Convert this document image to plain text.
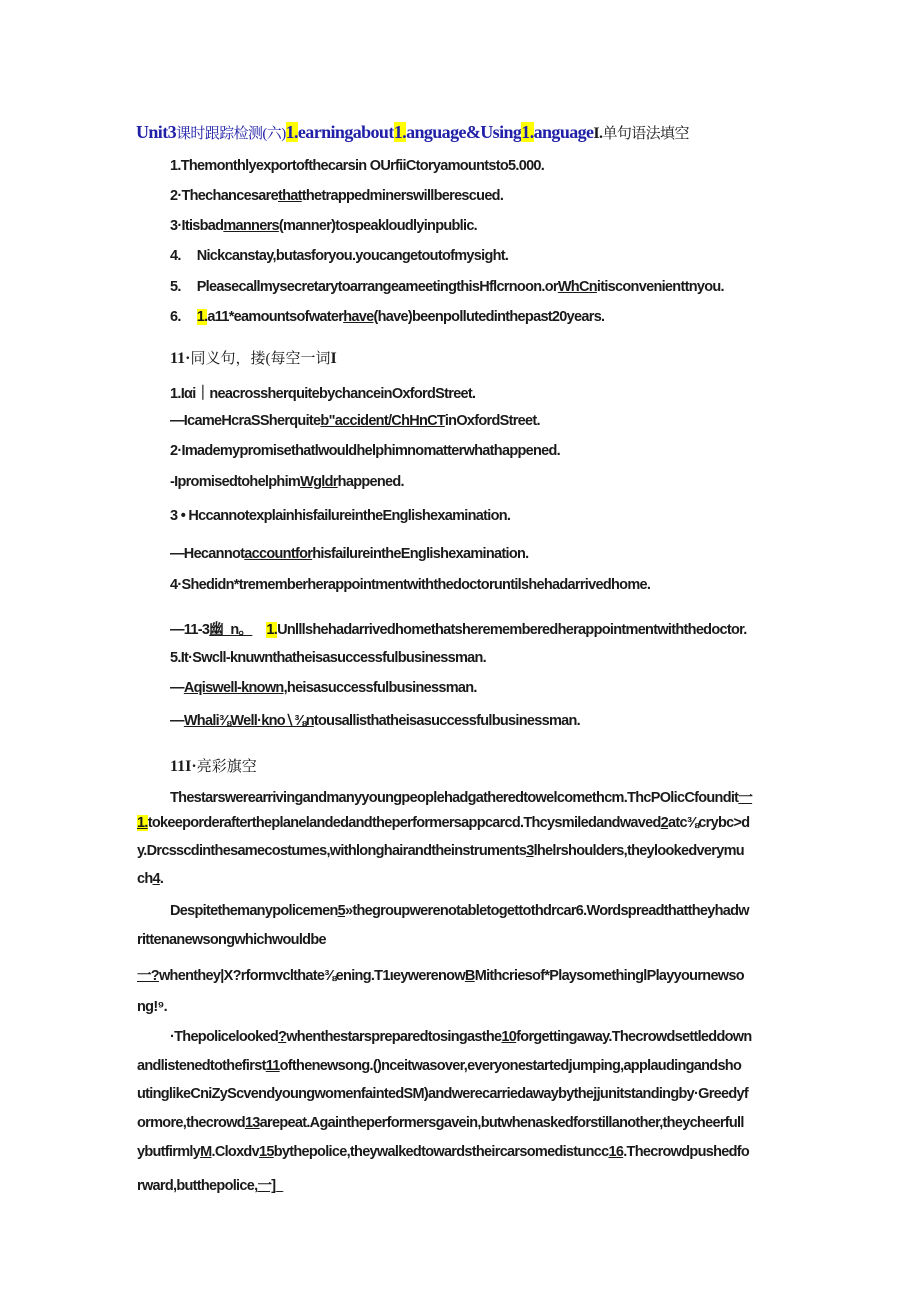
Unit3课时跟踪检测(六)1.earningabout1.anguage&Using1.anguageI.单句语法填空
1.Themonthlyexportofthecarsin OUrfiiCtoryamountsto5.000.
2·Thechancesarethatthetrappedminerswillberescued.
3·Itisbadmanners(manner)tospeakloudlyinpublic.
4. Nickcanstay,butasforyou.youcangetoutofmysight.
5. PleasecallmysecretarytoarrangeameetingthisHflcrnoon.orWhCnitisconvenienttnyou.
6. 1.a11*eamountsofwaterhave(have)beenpollutedinthepast20years.
11·同义句，搂(每空一词I
1.Iαi｜neacrossherquitebychanceinOxfordStreet.
—IcameHcraSSherquiteb"accident/ChHnCTinOxfordStreet.
2·Imademypromisethatlwouldhelphimnomatterwhathappened.
-IpromisedtohelphimWgldrhappened.
3 • HccannotexplainhisfailureintheEnglishexamination.
—HecannotaccountforhisfailureintheEnglishexamination.
4·Shedidn*trememberherappointmentwiththedoctoruntilshehadarrivedhome.
—11-3幽_n。 1.Unlllshehadarrivedhomethatsherememberedherappointmentwiththedoctor.
5.It·Swcll-knuwnthatheisasuccessfulbusinessman.
—Aqiswell-known,heisasuccessfulbusinessman.
—Whali⅜Well·kno∖⅜ntousallisthatheisasuccessfulbusinessman.
11I·亮彩旗空
Thestarswerearrivingandmanyyoungpeoplehadgatheredtowelcomethcm.ThcPOlicCfoundit一
1.tokeeporderaftertheplanelandedandtheperformersappcarcd.Thcysmiledandwaved2atc⅜crybc>d
y.Drcsscdinthesamecostumes,withlonghairandtheinstruments3lhelrshoulders,theylookedverymu
ch4.
Despitethemanypolicemen5»thegroupwerenotabletogettothdrcar6.Wordspreadthattheyhadw
rittenanewsongwhichwouldbe
一?whenthey|X?rformvclthate⅜ening.T1ιeywerenowBMithcriesof*PlaysomethinglPlayyournewso
ng!⁹.
·Thepolicelooked?whenthestarspreparedtosingasthe10forgettingaway.Thecrowdsettleddown
andlistenedtothefirst11ofthenewsong.()nceitwasover,everyonestartedjumping,applaudingandsho
utinglikeCniZyScvendyoungwomenfaintedSM)andwerecarriedawaybythejjunitstandingby·Greedyf
ormore,thecrowd13arepeat.Againtheperformersgavein,butwhenaskedforstillanother,theycheerfull
ybutfirmlyM.Cloxdv15bythepolice,theywalkedtowardstheircarsomedistuncc16.Thecrowdpushedfo
rward,butthepolice,一]_
